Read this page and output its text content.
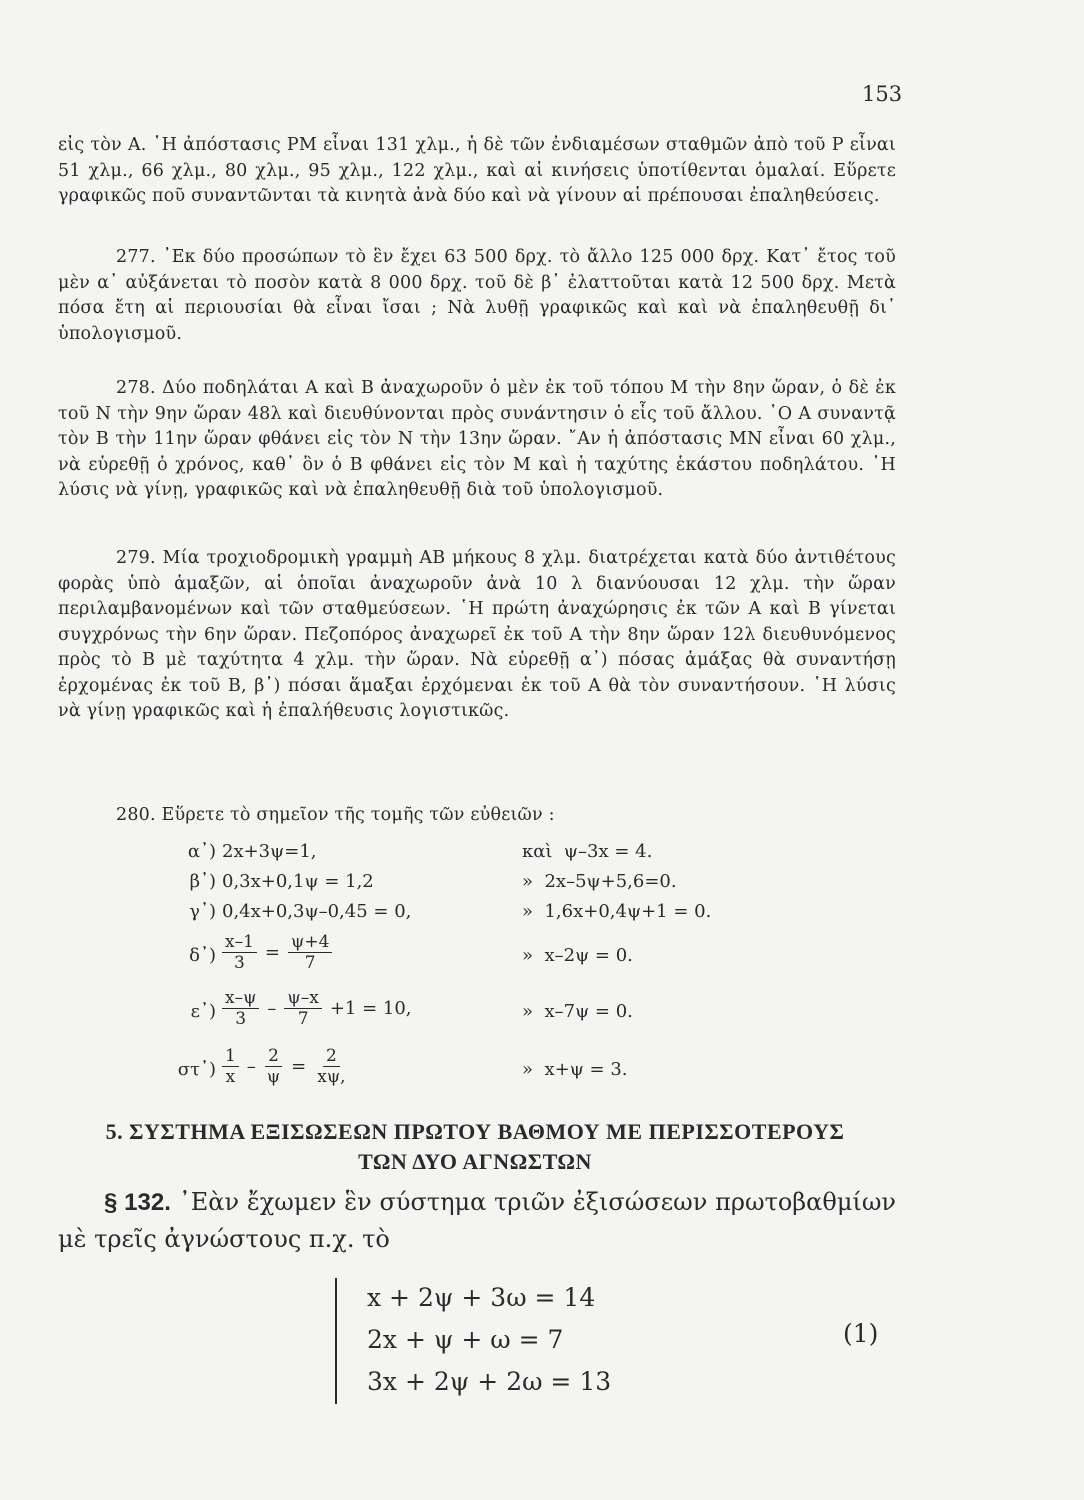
153
εἰς τὸν Α. ῾Η ἀπόστασις ΡΜ εἶναι 131 χλμ., ἡ δὲ τῶν ἐνδιαμέσων σταθμῶν ἀπὸ τοῦ Ρ εἶναι 51 χλμ., 66 χλμ., 80 χλμ., 95 χλμ., 122 χλμ., καὶ αἱ κινήσεις ὑποτίθενται ὁμαλαί. Εὕρετε γραφικῶς ποῦ συναντῶνται τὰ κινητὰ ἀνὰ δύο καὶ νὰ γίνουν αἱ πρέπουσαι ἐπαληθεύσεις.
277. ᾿Εκ δύο προσώπων τὸ ἓν ἔχει 63 500 δρχ. τὸ ἄλλο 125 000 δρχ. Κατ᾿ ἔτος τοῦ μὲν α᾿ αὐξάνεται τὸ ποσὸν κατὰ 8 000 δρχ. τοῦ δὲ β᾿ ἐλαττοῦται κατὰ 12 500 δρχ. Μετὰ πόσα ἔτη αἱ περιουσίαι θὰ εἶναι ἴσαι ; Νὰ λυθῇ γραφικῶς καὶ καὶ νὰ ἐπαληθευθῇ δι᾿ ὑπολογισμοῦ.
278. Δύο ποδηλάται Α καὶ Β ἀναχωροῦν ὁ μὲν ἐκ τοῦ τόπου Μ τὴν 8ην ὥραν, ὁ δὲ ἐκ τοῦ Ν τὴν 9ην ὥραν 48λ καὶ διευθύνονται πρὸς συνάντησιν ὁ εἷς τοῦ ἄλλου. ῾Ο Α συναντᾷ τὸν Β τὴν 11ην ὥραν φθάνει εἰς τὸν Ν τὴν 13ην ὥραν. ῎Αν ἡ ἀπόστασις ΜΝ εἶναι 60 χλμ., νὰ εὑρεθῇ ὁ χρόνος, καθ᾿ ὃν ὁ Β φθάνει εἰς τὸν Μ καὶ ἡ ταχύτης ἑκάστου ποδηλάτου. ῾Η λύσις νὰ γίνῃ, γραφικῶς καὶ νὰ ἐπαληθευθῇ διὰ τοῦ ὑπολογισμοῦ.
279. Μία τροχιοδρομικὴ γραμμὴ ΑΒ μήκους 8 χλμ. διατρέχεται κατὰ δύο ἀντιθέτους φορὰς ὑπὸ ἁμαξῶν, αἱ ὁποῖαι ἀναχωροῦν ἀνὰ 10 λ διανύουσαι 12 χλμ. τὴν ὥραν περιλαμβανομένων καὶ τῶν σταθμεύσεων. ῾Η πρώτη ἀναχώρησις ἐκ τῶν Α καὶ Β γίνεται συγχρόνως τὴν 6ην ὥραν. Πεζοπόρος ἀναχωρεῖ ἐκ τοῦ Α τὴν 8ην ὥραν 12λ διευθυνόμενος πρὸς τὸ Β μὲ ταχύτητα 4 χλμ. τὴν ὥραν. Νὰ εὑρεθῇ α᾿) πόσας ἁμάξας θὰ συναντήσῃ ἐρχομένας ἐκ τοῦ Β, β᾿) πόσαι ἅμαξαι ἐρχόμεναι ἐκ τοῦ Α θὰ τὸν συναντήσουν. ῾Η λύσις νὰ γίνῃ γραφικῶς καὶ ἡ ἐπαλήθευσις λογιστικῶς.
280. Εὕρετε τὸ σημεῖον τῆς τομῆς τῶν εὐθειῶν :
α᾿) 2x+3ψ=1,	καὶ ψ–3x = 4.
β᾿) 0,3x+0,1ψ = 1,2	» 2x–5ψ+5,6=0.
γ᾿) 0,4x+0,3ψ–0,45 = 0,	» 1,6x+0,4ψ+1 = 0.
δ᾿) $\frac{x-1}{3} = \frac{\psi+4}{7}$	» x–2ψ = 0.
ε᾿) $\frac{x-\psi}{3} - \frac{\psi-x}{7} +1 = 10$,	» x–7ψ = 0.
στ᾿) $\frac{1}{x} - \frac{2}{\psi} = \frac{2}{x\psi,}$	» x+ψ = 3.
5. ΣΥΣΤΗΜΑ ΕΞΙΣΩΣΕΩΝ ΠΡΩΤΟΥ ΒΑΘΜΟΥ ΜΕ ΠΕΡΙΣΣΟΤΕΡΟΥΣ
ΤΩΝ ΔΥΟ ΑΓΝΩΣΤΩΝ
§ 132. ᾿Εὰν ἔχωμεν ἓν σύστημα τριῶν ἐξισώσεων πρωτοβαθμίων μὲ τρεῖς ἀγνώστους π.χ. τὸ
x + 2ψ + 3ω = 14
2x + ψ + ω = 7
3x + 2ψ + 2ω = 13
(1)
